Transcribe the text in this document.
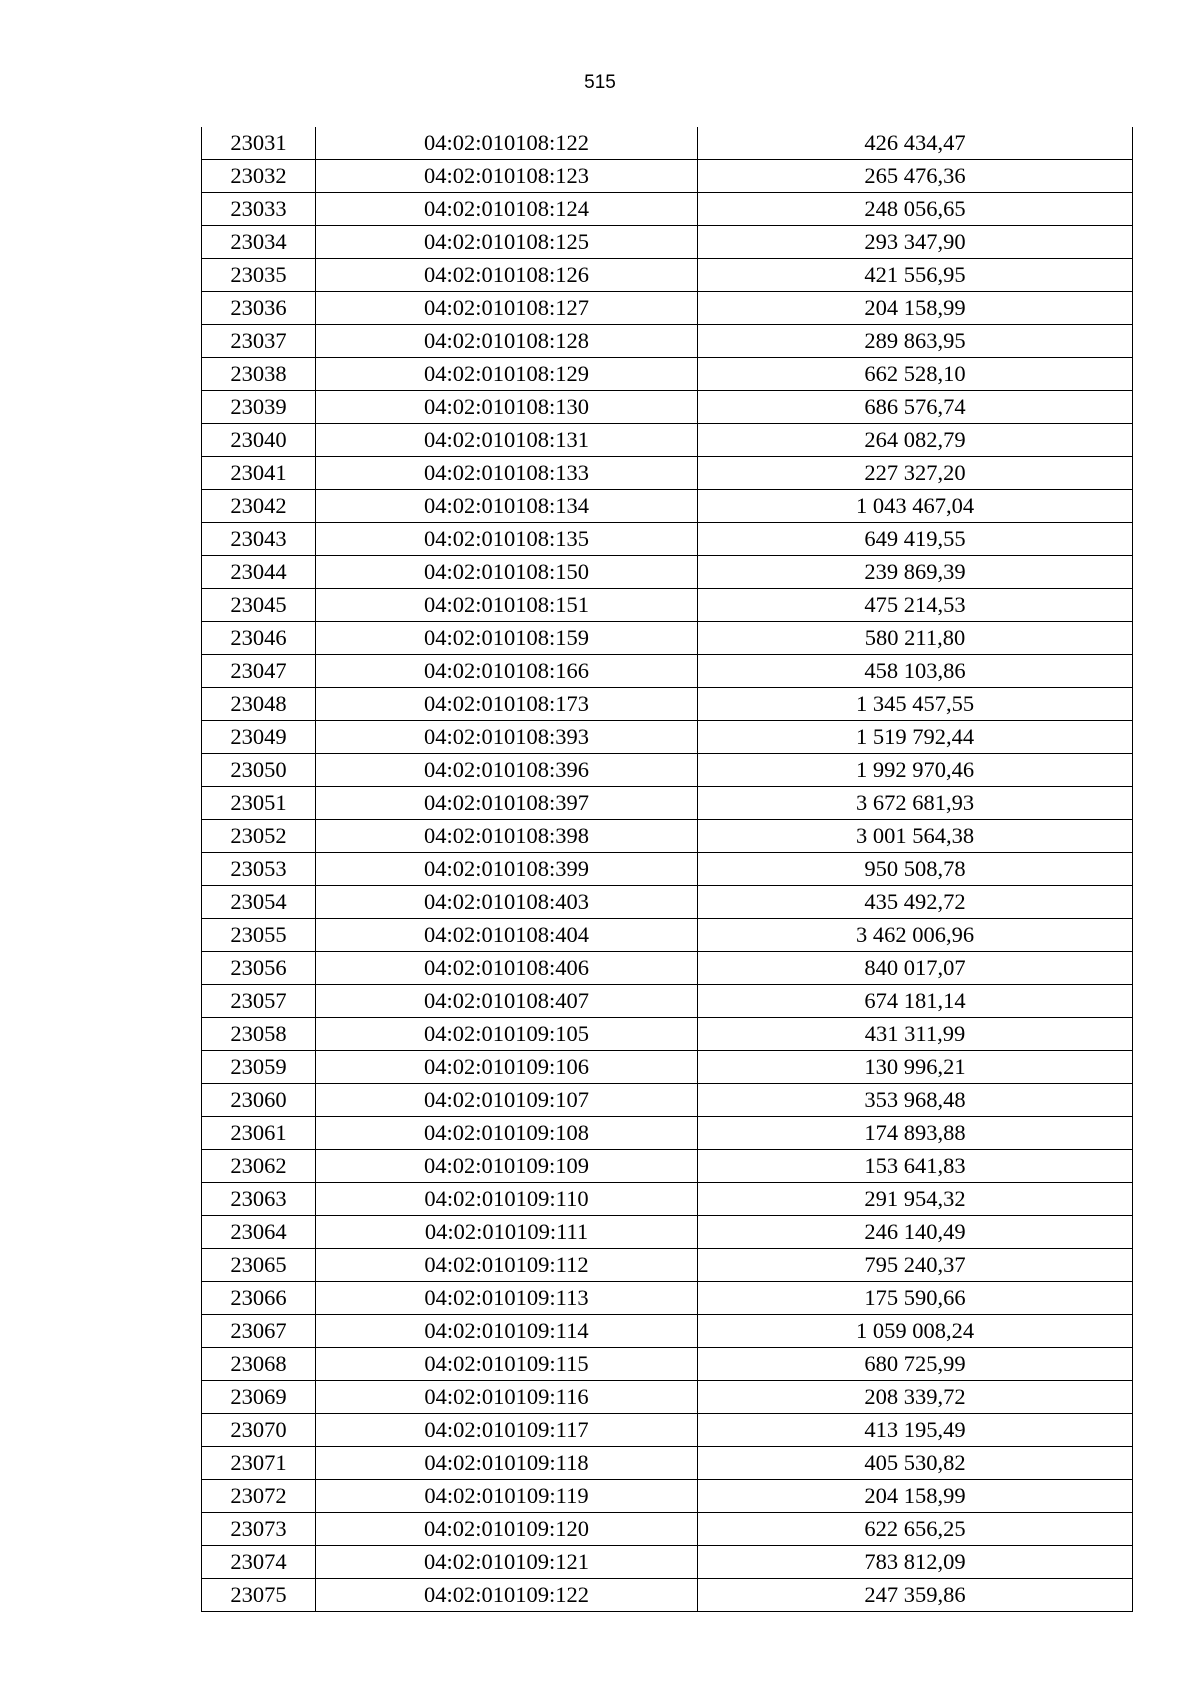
515
23031	04:02:010108:122	426 434,47
23032	04:02:010108:123	265 476,36
23033	04:02:010108:124	248 056,65
23034	04:02:010108:125	293 347,90
23035	04:02:010108:126	421 556,95
23036	04:02:010108:127	204 158,99
23037	04:02:010108:128	289 863,95
23038	04:02:010108:129	662 528,10
23039	04:02:010108:130	686 576,74
23040	04:02:010108:131	264 082,79
23041	04:02:010108:133	227 327,20
23042	04:02:010108:134	1 043 467,04
23043	04:02:010108:135	649 419,55
23044	04:02:010108:150	239 869,39
23045	04:02:010108:151	475 214,53
23046	04:02:010108:159	580 211,80
23047	04:02:010108:166	458 103,86
23048	04:02:010108:173	1 345 457,55
23049	04:02:010108:393	1 519 792,44
23050	04:02:010108:396	1 992 970,46
23051	04:02:010108:397	3 672 681,93
23052	04:02:010108:398	3 001 564,38
23053	04:02:010108:399	950 508,78
23054	04:02:010108:403	435 492,72
23055	04:02:010108:404	3 462 006,96
23056	04:02:010108:406	840 017,07
23057	04:02:010108:407	674 181,14
23058	04:02:010109:105	431 311,99
23059	04:02:010109:106	130 996,21
23060	04:02:010109:107	353 968,48
23061	04:02:010109:108	174 893,88
23062	04:02:010109:109	153 641,83
23063	04:02:010109:110	291 954,32
23064	04:02:010109:111	246 140,49
23065	04:02:010109:112	795 240,37
23066	04:02:010109:113	175 590,66
23067	04:02:010109:114	1 059 008,24
23068	04:02:010109:115	680 725,99
23069	04:02:010109:116	208 339,72
23070	04:02:010109:117	413 195,49
23071	04:02:010109:118	405 530,82
23072	04:02:010109:119	204 158,99
23073	04:02:010109:120	622 656,25
23074	04:02:010109:121	783 812,09
23075	04:02:010109:122	247 359,86
